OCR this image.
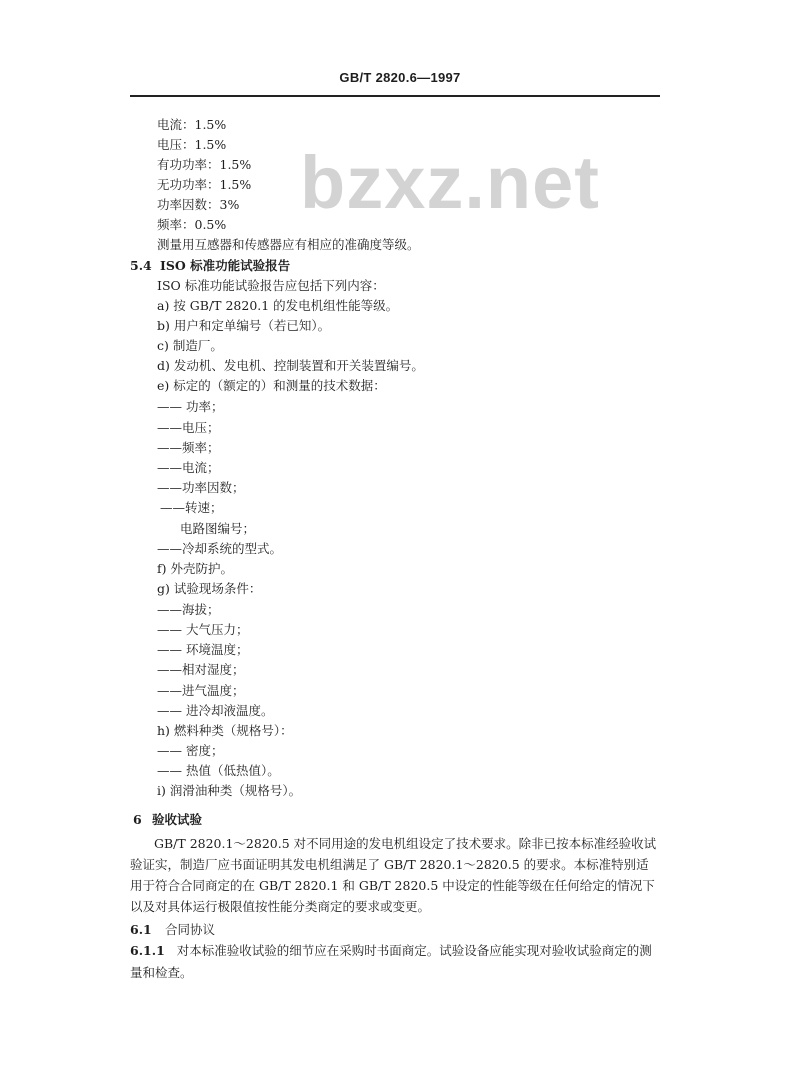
GB/T 2820.6—1997
bzxz.net
电流：1.5%
电压：1.5%
有功功率：1.5%
无功功率：1.5%
功率因数：3%
频率：0.5%
测量用互感器和传感器应有相应的准确度等级。
5.4 ISO 标准功能试验报告
ISO 标准功能试验报告应包括下列内容：
a) 按 GB/T 2820.1 的发电机组性能等级。
b) 用户和定单编号（若已知）。
c) 制造厂。
d) 发动机、发电机、控制装置和开关装置编号。
e) 标定的（额定的）和测量的技术数据：
—— 功率；
——电压；
——频率；
——电流；
——功率因数；
——转速；
电路图编号；
——冷却系统的型式。
f) 外壳防护。
g) 试验现场条件：
——海拔；
—— 大气压力；
—— 环境温度；
——相对湿度；
——进气温度；
—— 进冷却液温度。
h) 燃料种类（规格号）：
—— 密度；
—— 热值（低热值）。
i) 润滑油种类（规格号）。
6 验收试验
GB/T 2820.1～2820.5 对不同用途的发电机组设定了技术要求。除非已按本标准经验收试验证实，制造厂应书面证明其发电机组满足了 GB/T 2820.1～2820.5 的要求。本标准特别适用于符合合同商定的在 GB/T 2820.1 和 GB/T 2820.5 中设定的性能等级在任何给定的情况下以及对具体运行极限值按性能分类商定的要求或变更。
6.1 合同协议
6.1.1 对本标准验收试验的细节应在采购时书面商定。试验设备应能实现对验收试验商定的测量和检查。
